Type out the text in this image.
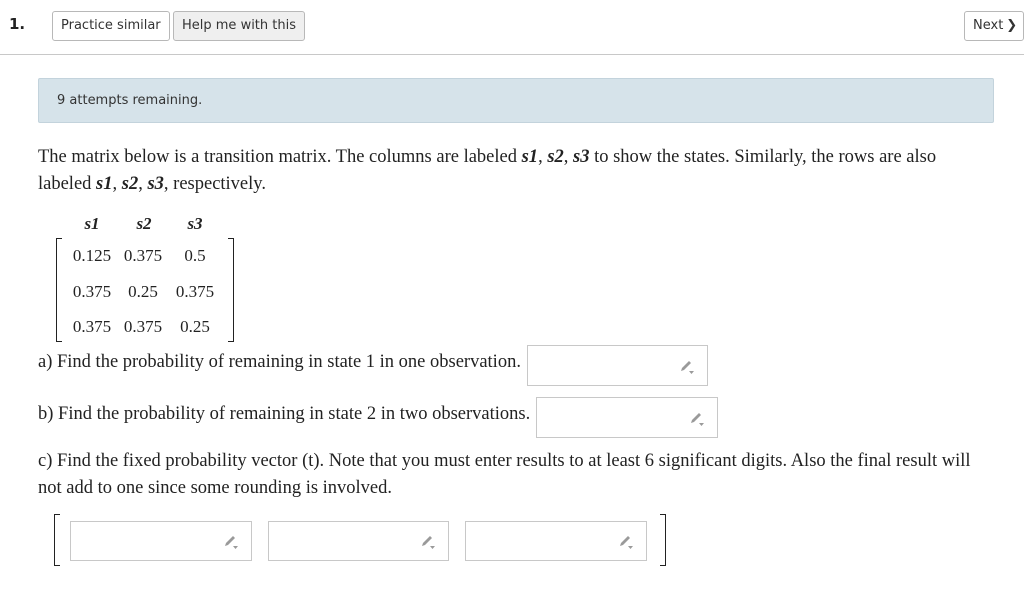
1.	Practice similar	Help me with this	Next ❯
9 attempts remaining.
The matrix below is a transition matrix. The columns are labeled s1, s2, s3 to show the states. Similarly, the rows are also
labeled s1, s2, s3, respectively.
s1	s2	s3
0.125 0.375	0.5
0.375	0.25	0.375
0.375 0.375	0.25
a) Find the probability of remaining in state 1 in one observation.
b) Find the probability of remaining in state 2 in two observations.
c) Find the fixed probability vector (t). Note that you must enter results to at least 6 significant digits. Also the final result will not add to one since some rounding is involved.
